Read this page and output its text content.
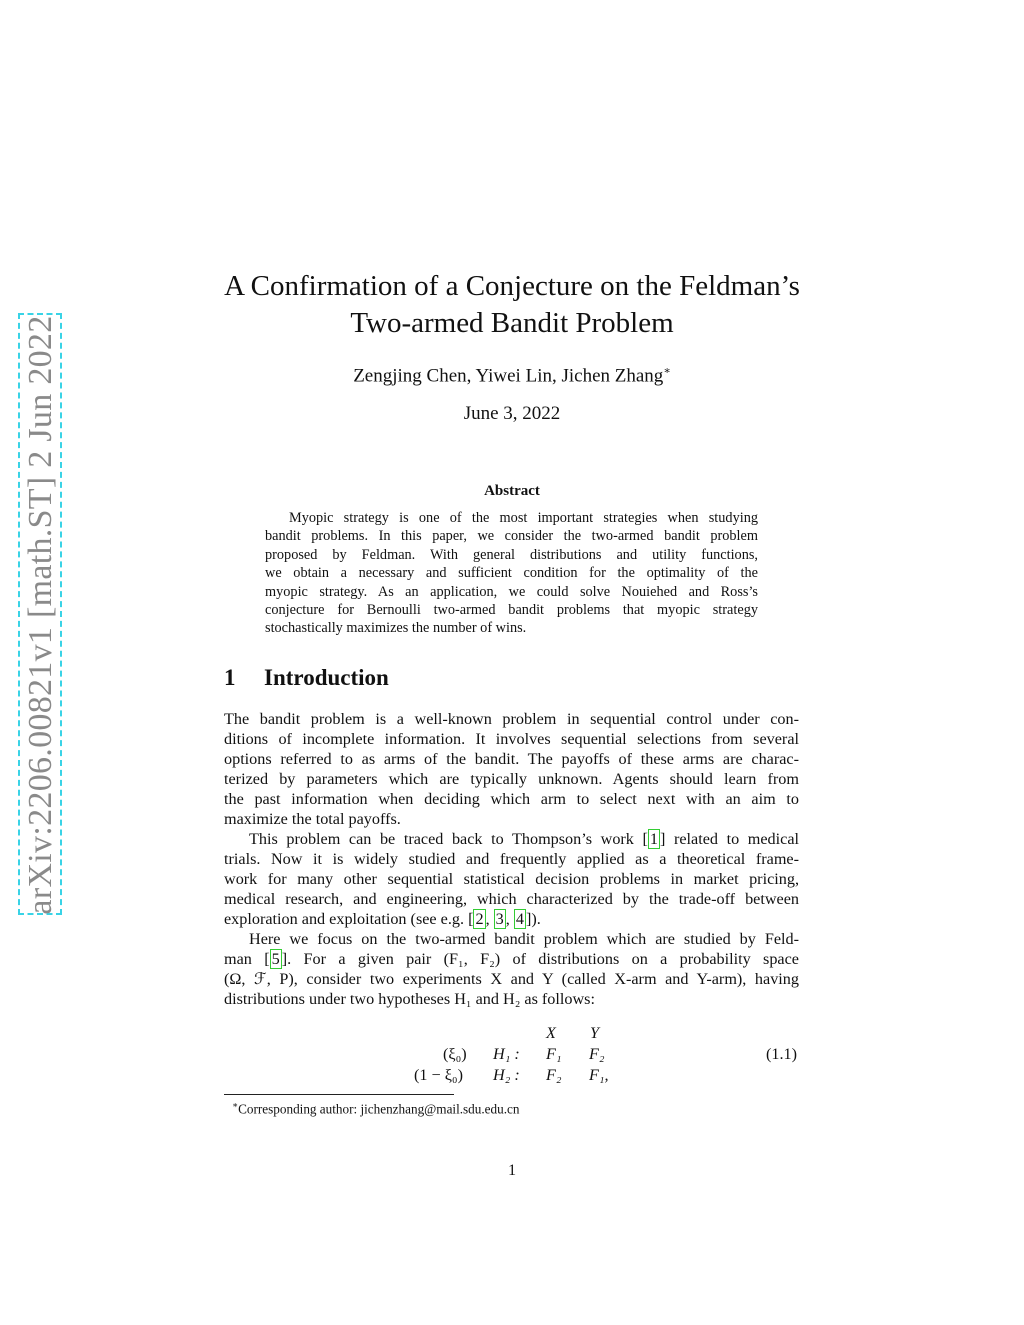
arXiv:2206.00821v1 [math.ST] 2 Jun 2022
A Confirmation of a Conjecture on the Feldman’s
Two-armed Bandit Problem
Zengjing Chen, Yiwei Lin, Jichen Zhang∗
June 3, 2022
Abstract
Myopic strategy is one of the most important strategies when studying
bandit problems. In this paper, we consider the two-armed bandit problem
proposed by Feldman. With general distributions and utility functions,
we obtain a necessary and sufficient condition for the optimality of the
myopic strategy. As an application, we could solve Nouiehed and Ross’s
conjecture for Bernoulli two-armed bandit problems that myopic strategy
stochastically maximizes the number of wins.
1 Introduction
The bandit problem is a well-known problem in sequential control under con-
ditions of incomplete information. It involves sequential selections from several
options referred to as arms of the bandit. The payoffs of these arms are charac-
terized by parameters which are typically unknown. Agents should learn from
the past information when deciding which arm to select next with an aim to
maximize the total payoffs.
This problem can be traced back to Thompson’s work [ 1 ] related to medical
trials. Now it is widely studied and frequently applied as a theoretical frame-
work for many other sequential statistical decision problems in market pricing,
medical research, and engineering, which characterized by the trade-off between
exploration and exploitation (see e.g. [ 2 , 3 , 4 ]).
Here we focus on the two-armed bandit problem which are studied by Feld-
man [ 5 ]. For a given pair (F₁, F₂) of distributions on a probability space
(Ω, ℱ, P), consider two experiments X and Y (called X-arm and Y-arm), having
distributions under two hypotheses H₁ and H₂ as follows:
X Y
(ξ₀) H₁ : F₁ F₂
(1 − ξ₀) H₂ : F₂ F₁,
(1.1)
∗Corresponding author: jichenzhang@mail.sdu.edu.cn
1
